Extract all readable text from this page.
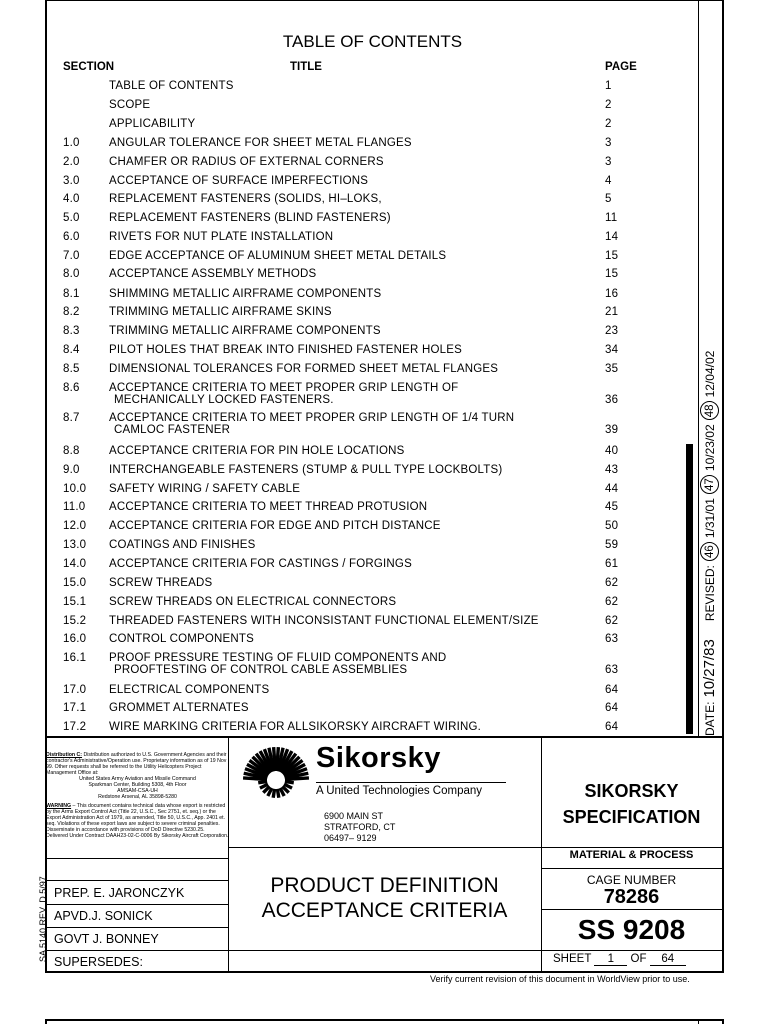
TABLE OF CONTENTS
SECTION	TITLE	PAGE
TABLE OF CONTENTS	1
SCOPE	2
APPLICABILITY	2
1.0	ANGULAR TOLERANCE FOR SHEET METAL FLANGES	3
2.0	CHAMFER OR RADIUS OF EXTERNAL CORNERS	3
3.0	ACCEPTANCE OF SURFACE IMPERFECTIONS	4
4.0	REPLACEMENT FASTENERS (SOLIDS, HI–LOKS,	5
5.0	REPLACEMENT FASTENERS (BLIND FASTENERS)	11
6.0	RIVETS FOR NUT PLATE INSTALLATION	14
7.0	EDGE ACCEPTANCE OF ALUMINUM SHEET METAL DETAILS	15
8.0	ACCEPTANCE ASSEMBLY METHODS	15
8.1	SHIMMING METALLIC AIRFRAME COMPONENTS	16
8.2	TRIMMING METALLIC AIRFRAME SKINS	21
8.3	TRIMMING METALLIC AIRFRAME COMPONENTS	23
8.4	PILOT HOLES THAT BREAK INTO FINISHED FASTENER HOLES	34
8.5	DIMENSIONAL TOLERANCES FOR FORMED SHEET METAL FLANGES	35
8.6	ACCEPTANCE CRITERIA TO MEET PROPER GRIP LENGTH OF
MECHANICALLY LOCKED FASTENERS.	36
8.7	ACCEPTANCE CRITERIA TO MEET PROPER GRIP LENGTH OF 1/4 TURN
CAMLOC FASTENER	39
8.8	ACCEPTANCE CRITERIA FOR PIN HOLE LOCATIONS	40
9.0	INTERCHANGEABLE FASTENERS (STUMP & PULL TYPE LOCKBOLTS)	43
10.0 SAFETY WIRING / SAFETY CABLE	44
11.0 ACCEPTANCE CRITERIA TO MEET THREAD PROTUSION	45
12.0 ACCEPTANCE CRITERIA FOR EDGE AND PITCH DISTANCE	50
13.0 COATINGS AND FINISHES	59
14.0 ACCEPTANCE CRITERIA FOR CASTINGS / FORGINGS	61
15.0 SCREW THREADS	62
15.1 SCREW THREADS ON ELECTRICAL CONNECTORS	62
15.2 THREADED FASTENERS WITH INCONSISTANT FUNCTIONAL ELEMENT/SIZE	62
16.0 CONTROL COMPONENTS	63
16.1 PROOF PRESSURE TESTING OF FLUID COMPONENTS AND
PROOFTESTING OF CONTROL CABLE ASSEMBLIES	63
17.0 ELECTRICAL COMPONENTS	64
17.1 GROMMET ALTERNATES	64
17.2 WIRE MARKING CRITERIA FOR ALLSIKORSKY AIRCRAFT WIRING.	64	DATE:
10/27/83
REVISED:
46
1/31/01
47
10/23/02
48
12/04/02
Distribution C: Distribution authorized to U.S. Government Agencies and their contractor's Administrative/Operation use. Proprietary information as of 19 Nov 99. Other requests shall be referred to the Utility Helicopters Project Management Office at:
United States Army Aviation and Missile Command
Sparkman Center, Building 5308, 4th Floor
AMSAM-CSA-UH
Redstone Arsenal, AL 35898-5280
WARNING – This document contains technical data whose export is restricted by the Arms Export Control Act (Title 22, U.S.C., Sec 2751, et. seq.) or the Export Administration Act of 1979, as amended, Title 50, U.S.C., App. 2401 et. seq. Violations of these export laws are subject to severe criminal penalties. Disseminate in accordance with provisions of DoD Directive 5230.25.
Delivered Under Contract DAAH23-02-C-0006 By Sikorsky Aircraft Corporation.
PREP. E. JARONCZYK
APVD.J. SONICK
GOVT J. BONNEY
SUPERSEDES:
SA 5140 REV. D 5/97
Sikorsky
A United Technologies Company
6900 MAIN ST
STRATFORD, CT
06497– 9129
PRODUCT DEFINITION
ACCEPTANCE CRITERIA
SIKORSKY
SPECIFICATION
MATERIAL & PROCESS
CAGE NUMBER
78286
SS 9208
SHEET 1 OF 64
Verify current revision of this document in WorldView prior to use.
